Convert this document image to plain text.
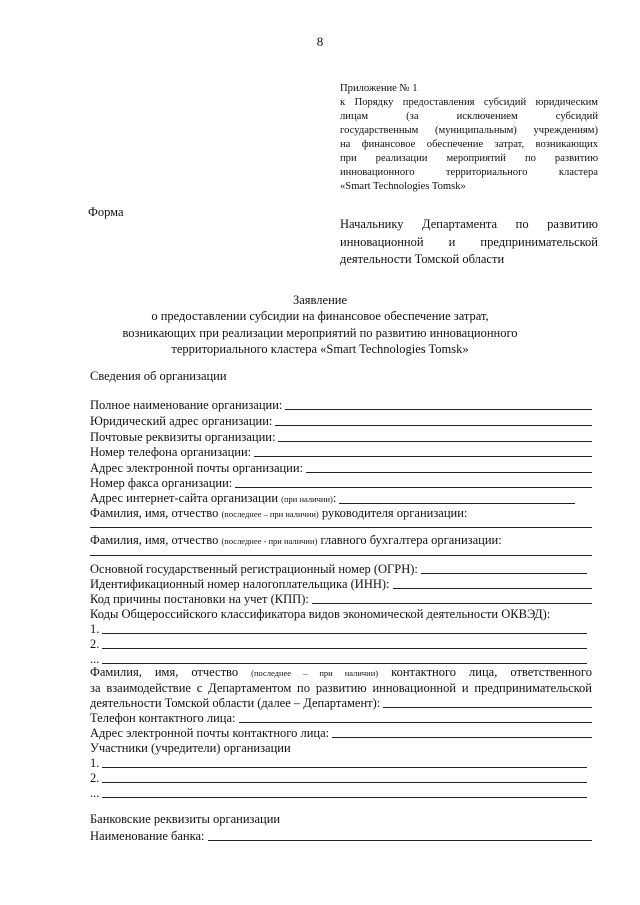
8
Приложение № 1
к Порядку предоставления субсидий юридическим
лицам (за исключением субсидий
государственным (муниципальным) учреждениям)
на финансовое обеспечение затрат, возникающих
при реализации мероприятий по развитию
инновационного территориального кластера
«Smart Technologies Tomsk»
Форма
Начальнику Департамента по развитию
инновационной и предпринимательской
деятельности Томской области
Заявление
о предоставлении субсидии на финансовое обеспечение затрат,
возникающих при реализации мероприятий по развитию инновационного
территориального кластера «Smart Technologies Tomsk»
Сведения об организации
Полное наименование организации:
Юридический адрес организации:
Почтовые реквизиты организации:
Номер телефона организации:
Адрес электронной почты организации:
Номер факса организации:
Адрес интернет-сайта организации (при наличии):
Фамилия, имя, отчество (последнее – при наличии) руководителя организации:
Фамилия, имя, отчество (последнее - при наличии) главного бухгалтера организации:
Основной государственный регистрационный номер (ОГРН):
Идентификационный номер налогоплательщика (ИНН):
Код причины постановки на учет (КПП):
Коды Общероссийского классификатора видов экономической деятельности ОКВЭД):
1.
2.
...
Фамилия, имя, отчество (последнее – при наличии) контактного лица, ответственного
за взаимодействие с Департаментом по развитию инновационной и предпринимательской
деятельности Томской области (далее – Департамент):
Телефон контактного лица:
Адрес электронной почты контактного лица:
Участники (учредители) организации
1.
2.
...
Банковские реквизиты организации
Наименование банка:
